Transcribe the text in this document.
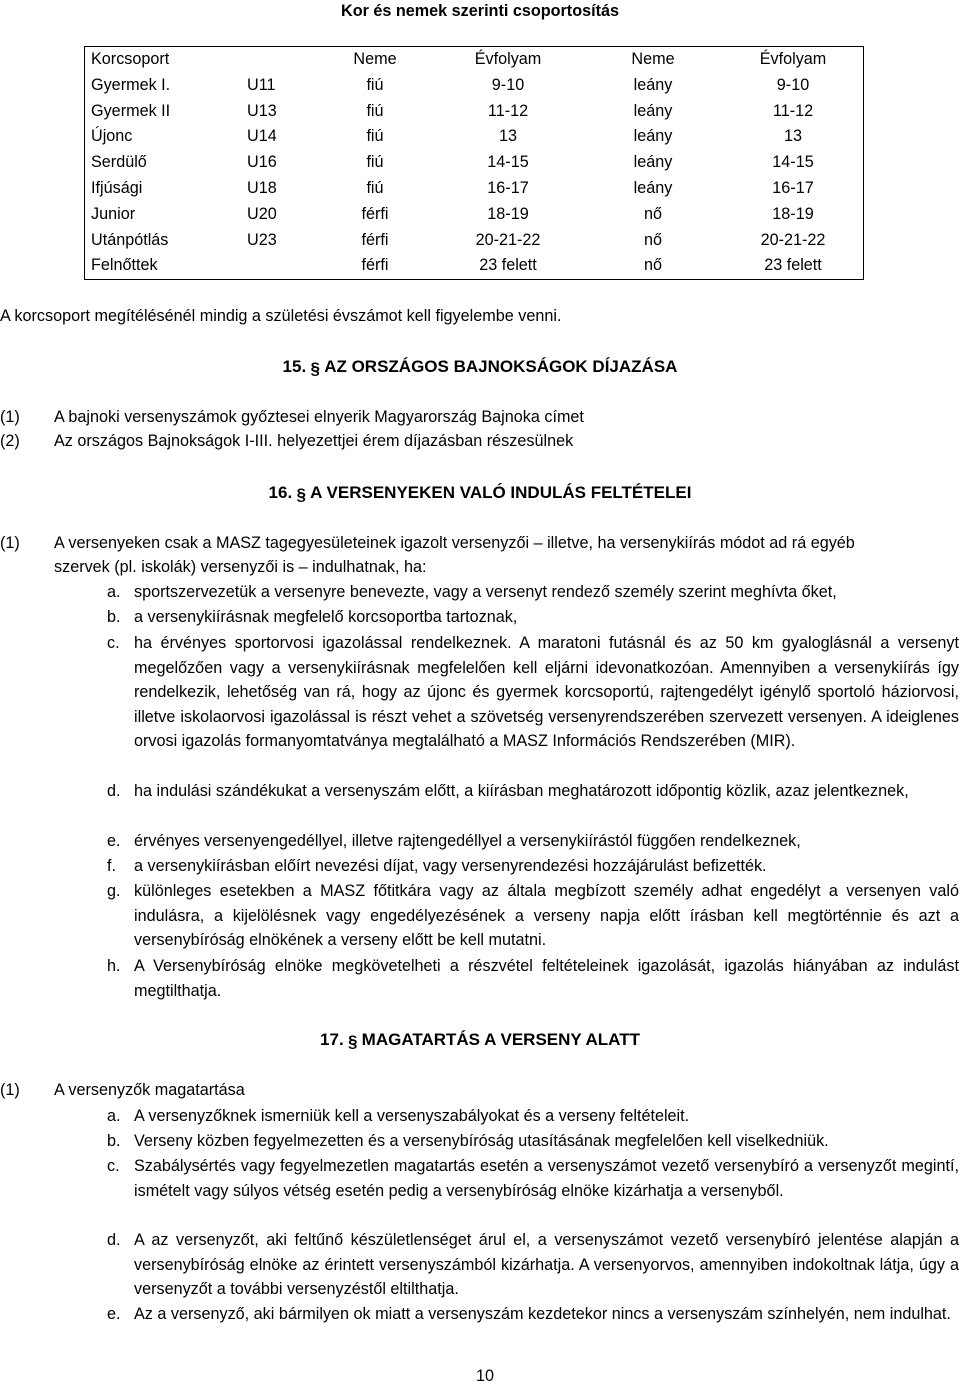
Kor és nemek szerinti csoportosítás
Korcsoport		Neme	Évfolyam	Neme	Évfolyam
Gyermek I.	U11	fiú	9-10	leány	9-10
Gyermek II	U13	fiú	11-12	leány	11-12
Újonc	U14	fiú	13	leány	13
Serdülő	U16	fiú	14-15	leány	14-15
Ifjúsági	U18	fiú	16-17	leány	16-17
Junior	U20	férfi	18-19	nő	18-19
Utánpótlás	U23	férfi	20-21-22	nő	20-21-22
Felnőttek		férfi	23 felett	nő	23 felett
A korcsoport megítélésénél mindig a születési évszámot kell figyelembe venni.
15. § AZ ORSZÁGOS BAJNOKSÁGOK DÍJAZÁSA
(1) A bajnoki versenyszámok győztesei elnyerik Magyarország Bajnoka címet
(2) Az országos Bajnokságok I-III. helyezettjei érem díjazásban részesülnek
16. § A VERSENYEKEN VALÓ INDULÁS FELTÉTELEI
(1) A versenyeken csak a MASZ tagegyesületeinek igazolt versenyzői – illetve, ha versenykiírás módot ad rá egyéb
szervek (pl. iskolák) versenyzői is – indulhatnak, ha:
a. sportszervezetük a versenyre benevezte, vagy a versenyt rendező személy szerint meghívta őket,
b. a versenykiírásnak megfelelő korcsoportba tartoznak,
c. ha érvényes sportorvosi igazolással rendelkeznek. A maratoni futásnál és az 50 km gyaloglásnál a versenyt megelőzően vagy a versenykiírásnak megfelelően kell eljárni idevonatkozóan. Amennyiben a versenykiírás így rendelkezik, lehetőség van rá, hogy az újonc és gyermek korcsoportú, rajtengedélyt igénylő sportoló háziorvosi, illetve iskolaorvosi igazolással is részt vehet a szövetség versenyrendszerében szervezett versenyen. A ideiglenes orvosi igazolás formanyomtatványa megtalálható a MASZ Információs Rendszerében (MIR).
d. ha indulási szándékukat a versenyszám előtt, a kiírásban meghatározott időpontig közlik, azaz jelentkeznek,
e. érvényes versenyengedéllyel, illetve rajtengedéllyel a versenykiírástól függően rendelkeznek,
f. a versenykiírásban előírt nevezési díjat, vagy versenyrendezési hozzájárulást befizették.
g. különleges esetekben a MASZ főtitkára vagy az általa megbízott személy adhat engedélyt a versenyen való indulásra, a kijelölésnek vagy engedélyezésének a verseny napja előtt írásban kell megtörténnie és azt a versenybíróság elnökének a verseny előtt be kell mutatni.
h. A Versenybíróság elnöke megkövetelheti a részvétel feltételeinek igazolását, igazolás hiányában az indulást megtilthatja.
17. § MAGATARTÁS A VERSENY ALATT
(1) A versenyzők magatartása
a. A versenyzőknek ismerniük kell a versenyszabályokat és a verseny feltételeit.
b. Verseny közben fegyelmezetten és a versenybíróság utasításának megfelelően kell viselkedniük.
c. Szabálysértés vagy fegyelmezetlen magatartás esetén a versenyszámot vezető versenybíró a versenyzőt megintí, ismételt vagy súlyos vétség esetén pedig a versenybíróság elnöke kizárhatja a versenyből.
d. A az versenyzőt, aki feltűnő készületlenséget árul el, a versenyszámot vezető versenybíró jelentése alapján a versenybíróság elnöke az érintett versenyszámból kizárhatja. A versenyorvos, amennyiben indokoltnak látja, úgy a versenyzőt a további versenyzéstől eltilthatja.
e. Az a versenyző, aki bármilyen ok miatt a versenyszám kezdetekor nincs a versenyszám színhelyén, nem indulhat.
10
